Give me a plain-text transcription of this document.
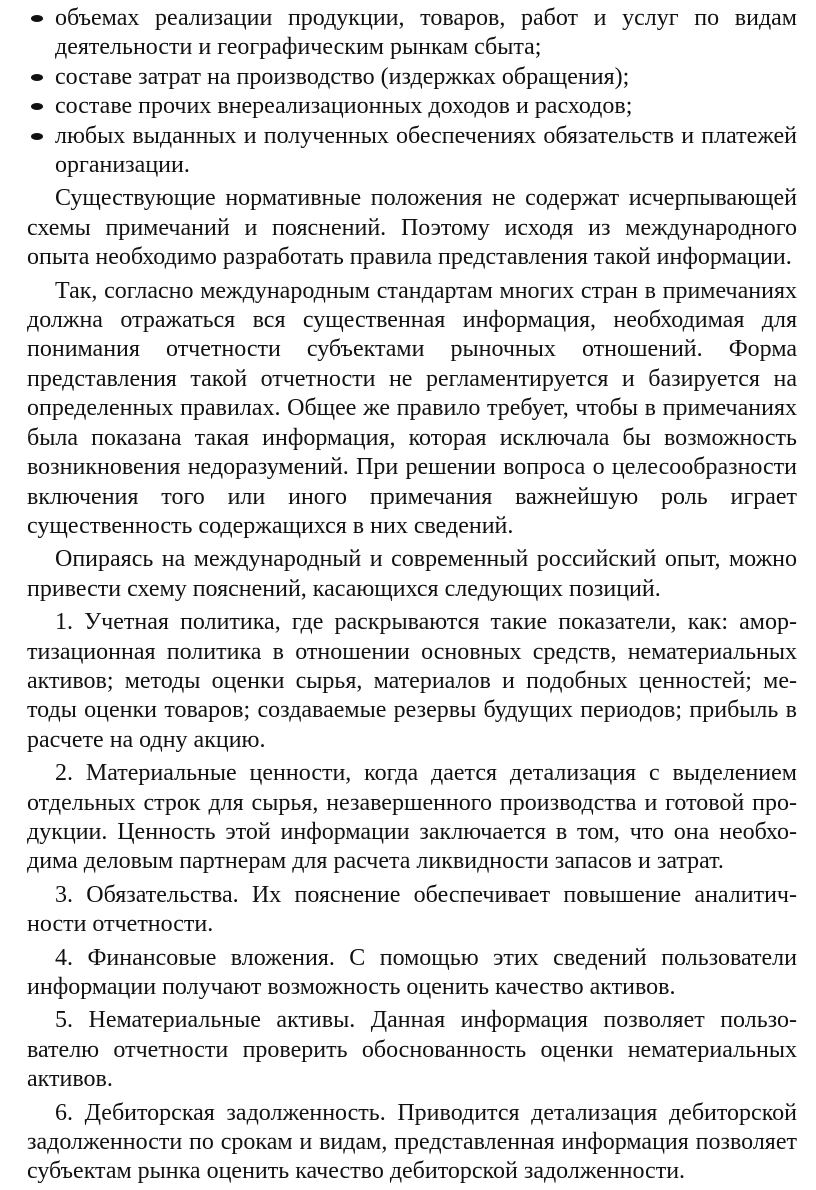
объемах реализации продукции, товаров, работ и услуг по видам деятельности и географическим рынкам сбыта;
составе затрат на производство (издержках обращения);
составе прочих внереализационных доходов и расходов;
любых выданных и полученных обеспечениях обязательств и платежей организации.

Существующие нормативные положения не содержат исчерпывающей схемы примечаний и пояснений. Поэтому исходя из международного опыта необходимо разработать правила представления такой информации.

Так, согласно международным стандартам многих стран в примечаниях должна отражаться вся существенная информация, необходимая для понимания отчетности субъектами рыночных отношений. Форма представления такой отчетности не регламентируется и базируется на определенных правилах. Общее же правило требует, чтобы в примечаниях была показана такая информация, которая исключала бы возможность возникновения недоразумений. При решении вопроса о целесообразности включения того или иного примечания важнейшую роль играет существенность содержащихся в них сведений.

Опираясь на международный и современный российский опыт, можно привести схему пояснений, касающихся следующих позиций.

1. Учетная политика, где раскрываются такие показатели, как: амортизационная политика в отношении основных средств, нематериальных активов; методы оценки сырья, материалов и подобных ценностей; методы оценки товаров; создаваемые резервы будущих периодов; прибыль в расчете на одну акцию.

2. Материальные ценности, когда дается детализация с выделением отдельных строк для сырья, незавершенного производства и готовой продукции. Ценность этой информации заключается в том, что она необходима деловым партнерам для расчета ликвидности запасов и затрат.

3. Обязательства. Их пояснение обеспечивает повышение аналитичности отчетности.

4. Финансовые вложения. С помощью этих сведений пользователи информации получают возможность оценить качество активов.

5. Нематериальные активы. Данная информация позволяет пользователю отчетности проверить обоснованность оценки нематериальных активов.

6. Дебиторская задолженность. Приводится детализация дебиторской задолженности по срокам и видам, представленная информация позволяет субъектам рынка оценить качество дебиторской задолженности.
